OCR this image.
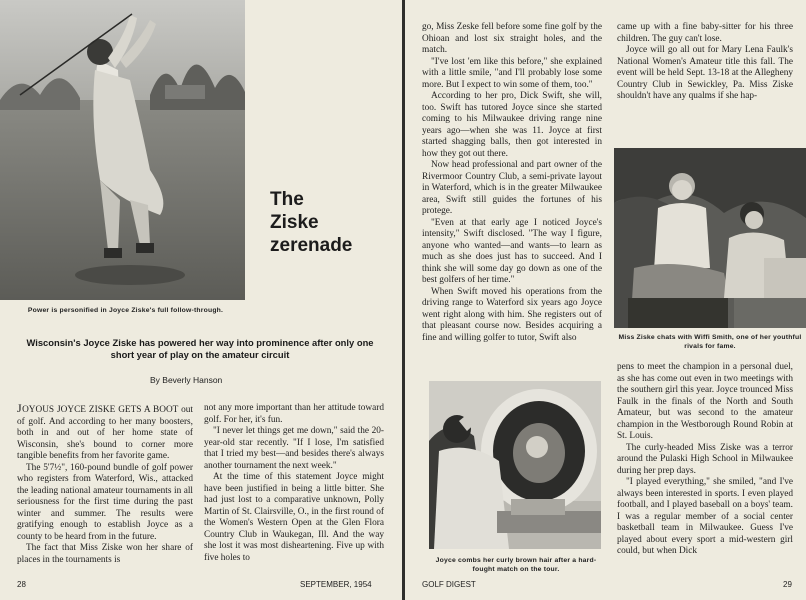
Power is personified in Joyce Ziske's full follow-through.
The
Ziske
zerenade
Wisconsin's Joyce Ziske has powered her way into prominence after only one short year of play on the amateur circuit
By Beverly Hanson

JOYOUS JOYCE ZISKE GETS A BOOT out of golf. And according to her many boosters, both in and out of her home state of Wisconsin, she's bound to corner more tangible benefits from her favorite game.

The 5'7½", 160-pound bundle of golf power who registers from Waterford, Wis., attacked the leading national amateur tournaments in all seriousness for the first time during the past winter and summer. The results were gratifying enough to establish Joyce as a county to be heard from in the future.

The fact that Miss Ziske won her share of places in the tournaments is

not any more important than her attitude toward golf. For her, it's fun.

"I never let things get me down," said the 20-year-old star recently. "If I lose, I'm satisfied that I tried my best—and besides there's always another tournament the next week."

At the time of this statement Joyce might have been justified in being a little bitter. She had just lost to a comparative unknown, Polly Martin of St. Clairsville, O., in the first round of the Women's Western Open at the Glen Flora Country Club in Waukegan, Ill. And the way she lost it was most disheartening. Five up with five holes to

28	SEPTEMBER, 1954

go, Miss Zeske fell before some fine golf by the Ohioan and lost six straight holes, and the match.

"I've lost 'em like this before," she explained with a little smile, "and I'll probably lose some more. But I expect to win some of them, too."

According to her pro, Dick Swift, she will, too. Swift has tutored Joyce since she started coming to his Milwaukee driving range nine years ago—when she was 11. Joyce at first started shagging balls, then got interested in how they got out there.

Now head professional and part owner of the Rivermoor Country Club, a semi-private layout in Waterford, which is in the greater Milwaukee area, Swift still guides the fortunes of his protege.

"Even at that early age I noticed Joyce's intensity," Swift disclosed. "The way I figure, anyone who wanted—and wants—to learn as much as she does just has to succeed. And I think she will some day go down as one of the best golfers of her time."

When Swift moved his operations from the driving range to Waterford six years ago Joyce went right along with him. She registers out of that pleasant course now. Besides acquiring a fine and willing golfer to tutor, Swift also

came up with a fine baby-sitter for his three children. The guy can't lose.

Joyce will go all out for Mary Lena Faulk's National Women's Amateur title this fall. The event will be held Sept. 13-18 at the Allegheny Country Club in Sewickley, Pa. Miss Ziske shouldn't have any qualms if she hap-

Miss Ziske chats with Wiffi Smith, one of her youthful rivals for fame.
Joyce combs her curly brown hair after a hard-fought match on the tour.

pens to meet the champion in a personal duel, as she has come out even in two meetings with the southern girl this year. Joyce trounced Miss Faulk in the finals of the North and South Amateur, but was second to the amateur champion in the Westborough Round Robin at St. Louis.

The curly-headed Miss Ziske was a terror around the Pulaski High School in Milwaukee during her prep days.

"I played everything," she smiled, "and I've always been interested in sports. I even played football, and I played baseball on a boys' team. I was a regular member of a social center basketball team in Milwaukee. Guess I've played about every sport a mid-western girl could, but when Dick

GOLF DIGEST	29
